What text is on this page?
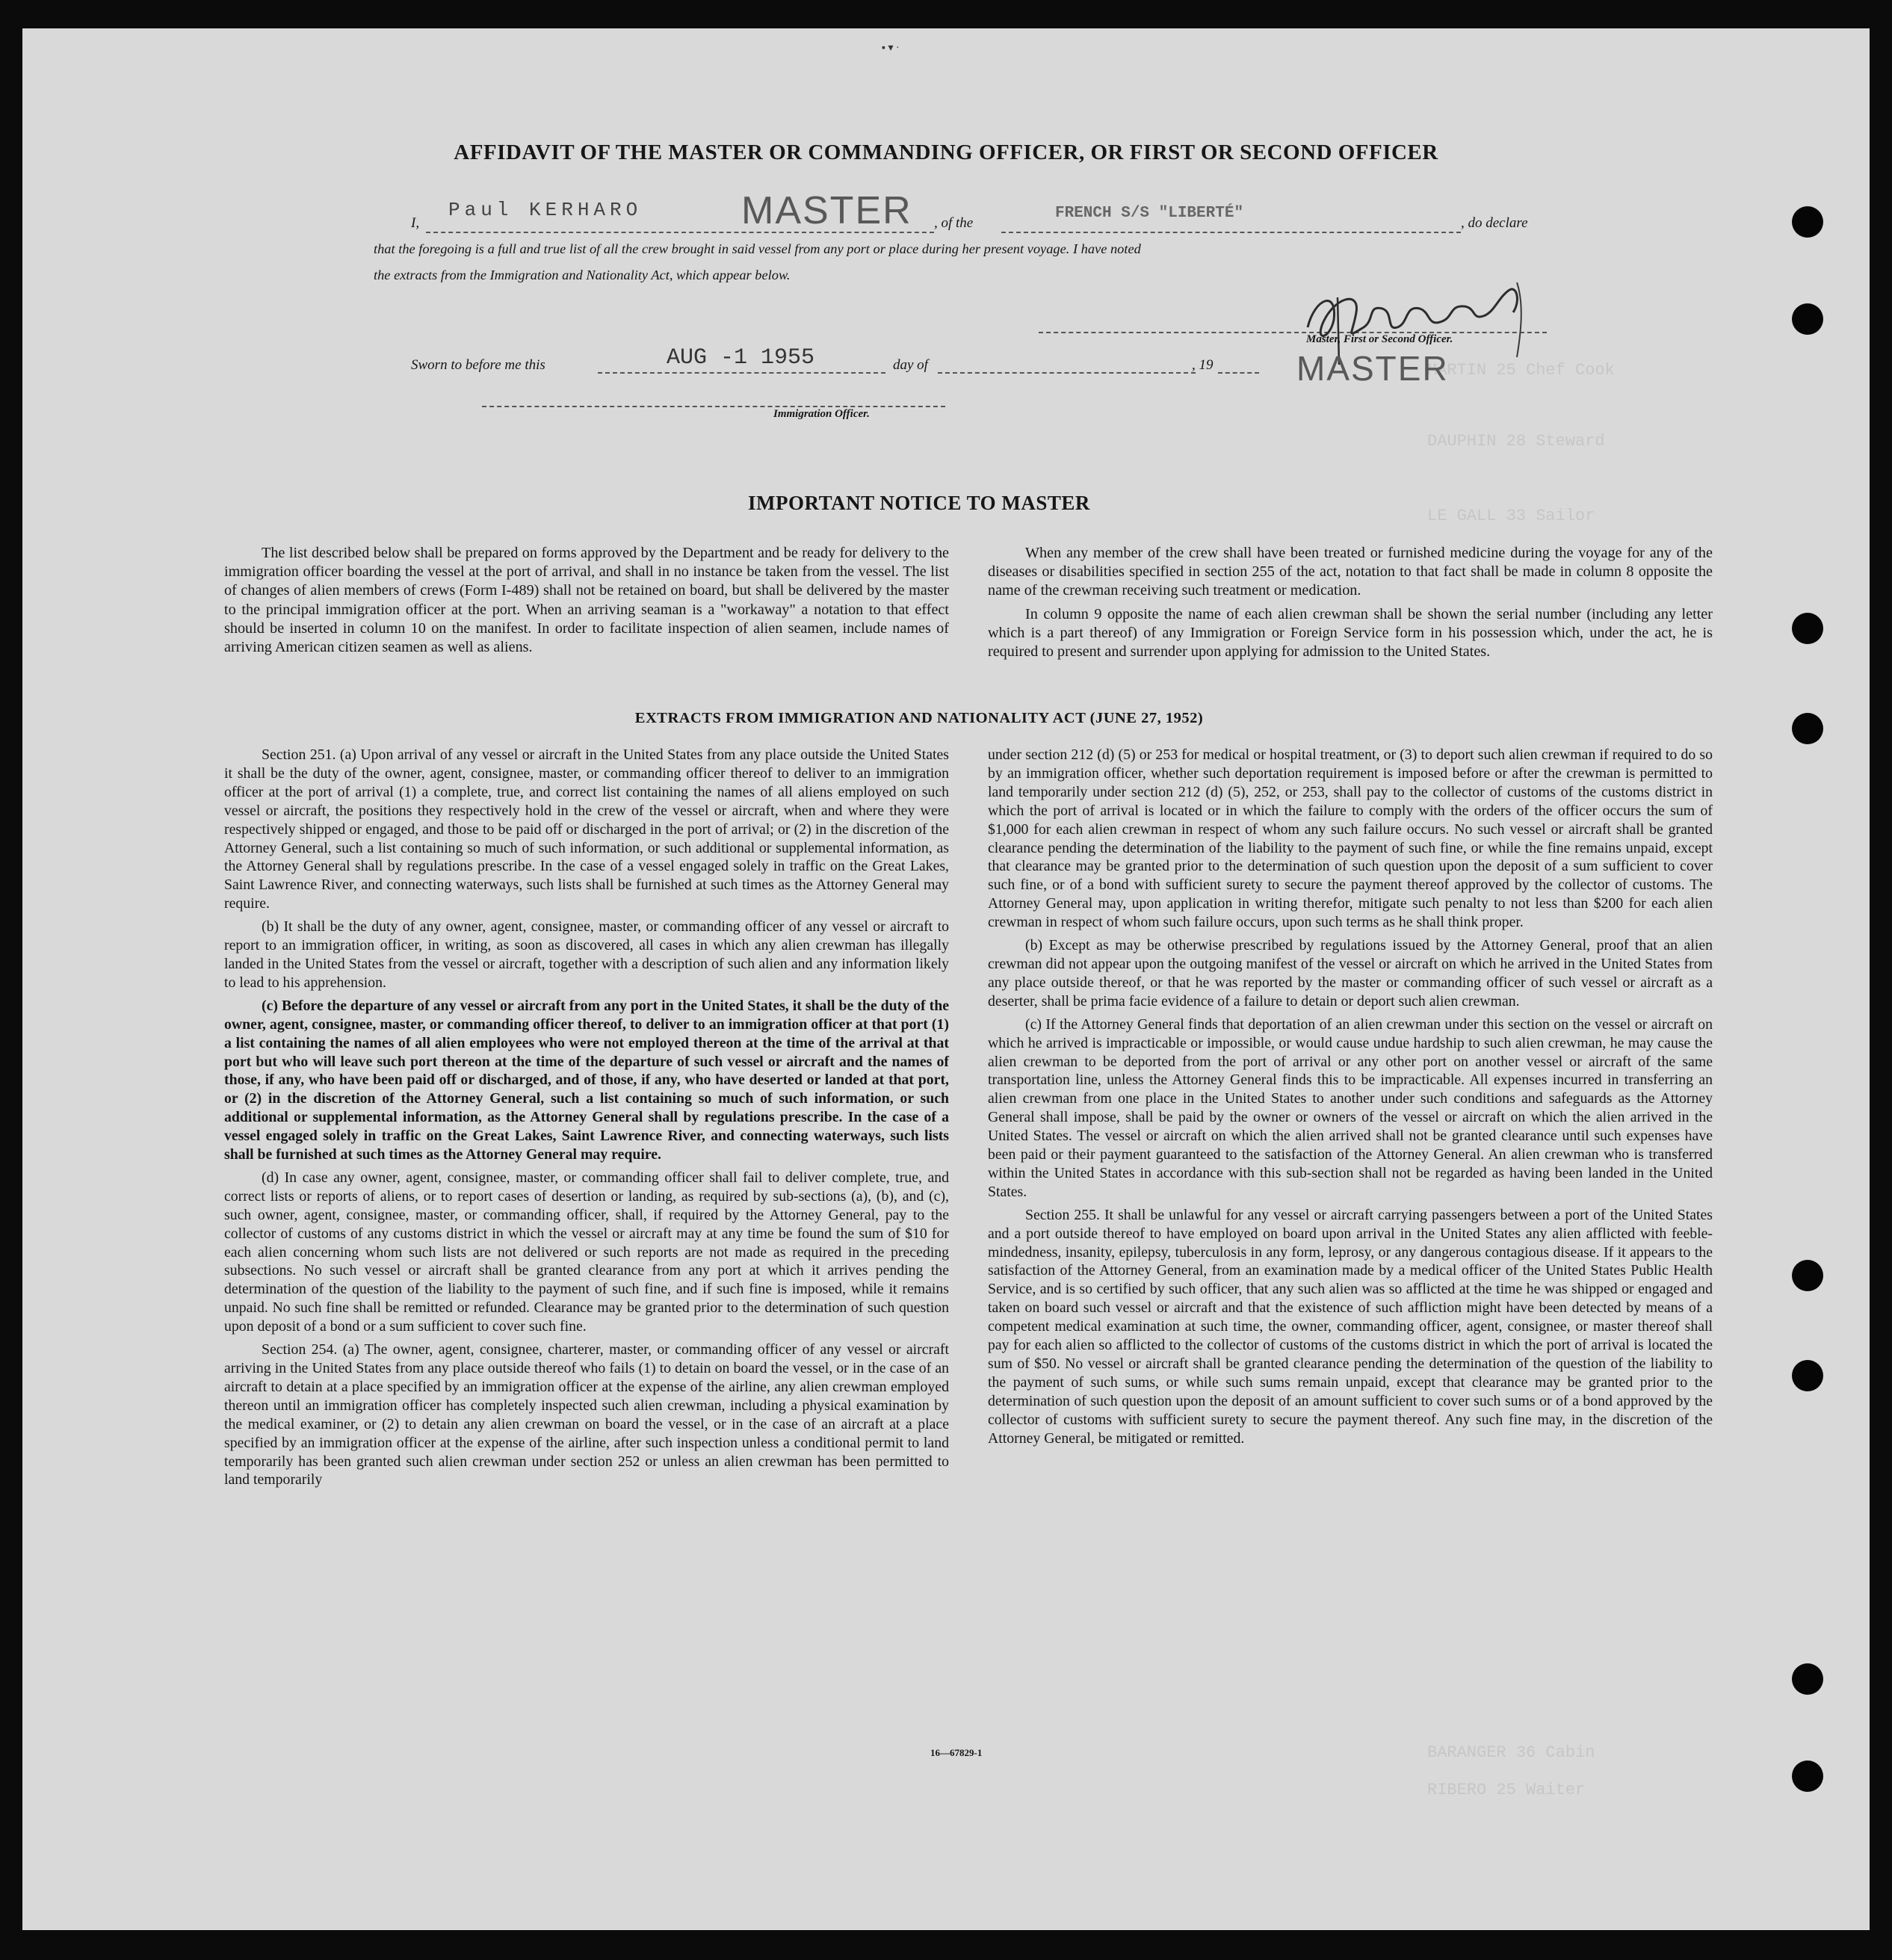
▪ ▾ ·
MARTIN 25 Chef Cook
DAUPHIN 28 Steward
LE GALL 33 Sailor
BARANGER 36 Cabin
RIBERO 25 Waiter
AFFIDAVIT OF THE MASTER OR COMMANDING OFFICER, OR FIRST OR SECOND OFFICER
I,
Paul KERHARO	MASTER , of the
FRENCH S/S "LIBERTÉ"
, do declare
that the foregoing is a full and true list of all the crew brought in said vessel from any port or place during her present voyage. I have noted
the extracts from the Immigration and Nationality Act, which appear below.
Master, First or Second Officer.
MASTER
Sworn to before me this	AUG -1 1955	day of	, 19
Immigration Officer.
IMPORTANT NOTICE TO MASTER

The list described below shall be prepared on forms approved by the Department and be ready for delivery to the immigration officer boarding the vessel at the port of arrival, and shall in no instance be taken from the vessel. The list of changes of alien members of crews (Form I-489) shall not be retained on board, but shall be delivered by the master to the principal immigration officer at the port. When an arriving seaman is a "workaway" a notation to that effect should be inserted in column 10 on the manifest. In order to facilitate inspection of alien seamen, include names of arriving American citizen seamen as well as aliens.

When any member of the crew shall have been treated or furnished medicine during the voyage for any of the diseases or disabilities specified in section 255 of the act, notation to that fact shall be made in column 8 opposite the name of the crewman receiving such treatment or medication.

In column 9 opposite the name of each alien crewman shall be shown the serial number (including any letter which is a part thereof) of any Immigration or Foreign Service form in his possession which, under the act, he is required to present and surrender upon applying for admission to the United States.

EXTRACTS FROM IMMIGRATION AND NATIONALITY ACT (JUNE 27, 1952)

Section 251. (a) Upon arrival of any vessel or aircraft in the United States from any place outside the United States it shall be the duty of the owner, agent, consignee, master, or commanding officer thereof to deliver to an immigration officer at the port of arrival (1) a complete, true, and correct list containing the names of all aliens employed on such vessel or aircraft, the positions they respectively hold in the crew of the vessel or aircraft, when and where they were respectively shipped or engaged, and those to be paid off or discharged in the port of arrival; or (2) in the discretion of the Attorney General, such a list containing so much of such information, or such additional or supplemental information, as the Attorney General shall by regulations prescribe. In the case of a vessel engaged solely in traffic on the Great Lakes, Saint Lawrence River, and connecting waterways, such lists shall be furnished at such times as the Attorney General may require.

(b) It shall be the duty of any owner, agent, consignee, master, or commanding officer of any vessel or aircraft to report to an immigration officer, in writing, as soon as discovered, all cases in which any alien crewman has illegally landed in the United States from the vessel or aircraft, together with a description of such alien and any information likely to lead to his apprehension.

(c) Before the departure of any vessel or aircraft from any port in the United States, it shall be the duty of the owner, agent, consignee, master, or commanding officer thereof, to deliver to an immigration officer at that port (1) a list containing the names of all alien employees who were not employed thereon at the time of the arrival at that port but who will leave such port thereon at the time of the departure of such vessel or aircraft and the names of those, if any, who have been paid off or discharged, and of those, if any, who have deserted or landed at that port, or (2) in the discretion of the Attorney General, such a list containing so much of such information, or such additional or supplemental information, as the Attorney General shall by regulations prescribe. In the case of a vessel engaged solely in traffic on the Great Lakes, Saint Lawrence River, and connecting waterways, such lists shall be furnished at such times as the Attorney General may require.

(d) In case any owner, agent, consignee, master, or commanding officer shall fail to deliver complete, true, and correct lists or reports of aliens, or to report cases of desertion or landing, as required by sub-sections (a), (b), and (c), such owner, agent, consignee, master, or commanding officer, shall, if required by the Attorney General, pay to the collector of customs of any customs district in which the vessel or aircraft may at any time be found the sum of $10 for each alien concerning whom such lists are not delivered or such reports are not made as required in the preceding subsections. No such vessel or aircraft shall be granted clearance from any port at which it arrives pending the determination of the question of the liability to the payment of such fine, and if such fine is imposed, while it remains unpaid. No such fine shall be remitted or refunded. Clearance may be granted prior to the determination of such question upon deposit of a bond or a sum sufficient to cover such fine.

Section 254. (a) The owner, agent, consignee, charterer, master, or commanding officer of any vessel or aircraft arriving in the United States from any place outside thereof who fails (1) to detain on board the vessel, or in the case of an aircraft to detain at a place specified by an immigration officer at the expense of the airline, any alien crewman employed thereon until an immigration officer has completely inspected such alien crewman, including a physical examination by the medical examiner, or (2) to detain any alien crewman on board the vessel, or in the case of an aircraft at a place specified by an immigration officer at the expense of the airline, after such inspection unless a conditional permit to land temporarily has been granted such alien crewman under section 252 or unless an alien crewman has been permitted to land temporarily

under section 212 (d) (5) or 253 for medical or hospital treatment, or (3) to deport such alien crewman if required to do so by an immigration officer, whether such deportation requirement is imposed before or after the crewman is permitted to land temporarily under section 212 (d) (5), 252, or 253, shall pay to the collector of customs of the customs district in which the port of arrival is located or in which the failure to comply with the orders of the officer occurs the sum of $1,000 for each alien crewman in respect of whom any such failure occurs. No such vessel or aircraft shall be granted clearance pending the determination of the liability to the payment of such fine, or while the fine remains unpaid, except that clearance may be granted prior to the determination of such question upon the deposit of a sum sufficient to cover such fine, or of a bond with sufficient surety to secure the payment thereof approved by the collector of customs. The Attorney General may, upon application in writing therefor, mitigate such penalty to not less than $200 for each alien crewman in respect of whom such failure occurs, upon such terms as he shall think proper.

(b) Except as may be otherwise prescribed by regulations issued by the Attorney General, proof that an alien crewman did not appear upon the outgoing manifest of the vessel or aircraft on which he arrived in the United States from any place outside thereof, or that he was reported by the master or commanding officer of such vessel or aircraft as a deserter, shall be prima facie evidence of a failure to detain or deport such alien crewman.

(c) If the Attorney General finds that deportation of an alien crewman under this section on the vessel or aircraft on which he arrived is impracticable or impossible, or would cause undue hardship to such alien crewman, he may cause the alien crewman to be deported from the port of arrival or any other port on another vessel or aircraft of the same transportation line, unless the Attorney General finds this to be impracticable. All expenses incurred in transferring an alien crewman from one place in the United States to another under such conditions and safeguards as the Attorney General shall impose, shall be paid by the owner or owners of the vessel or aircraft on which the alien arrived in the United States. The vessel or aircraft on which the alien arrived shall not be granted clearance until such expenses have been paid or their payment guaranteed to the satisfaction of the Attorney General. An alien crewman who is transferred within the United States in accordance with this sub-section shall not be regarded as having been landed in the United States.

Section 255. It shall be unlawful for any vessel or aircraft carrying passengers between a port of the United States and a port outside thereof to have employed on board upon arrival in the United States any alien afflicted with feeble-mindedness, insanity, epilepsy, tuberculosis in any form, leprosy, or any dangerous contagious disease. If it appears to the satisfaction of the Attorney General, from an examination made by a medical officer of the United States Public Health Service, and is so certified by such officer, that any such alien was so afflicted at the time he was shipped or engaged and taken on board such vessel or aircraft and that the existence of such affliction might have been detected by means of a competent medical examination at such time, the owner, commanding officer, agent, consignee, or master thereof shall pay for each alien so afflicted to the collector of customs of the customs district in which the port of arrival is located the sum of $50. No vessel or aircraft shall be granted clearance pending the determination of the question of the liability to the payment of such sums, or while such sums remain unpaid, except that clearance may be granted prior to the determination of such question upon the deposit of an amount sufficient to cover such sums or of a bond approved by the collector of customs with sufficient surety to secure the payment thereof. Any such fine may, in the discretion of the Attorney General, be mitigated or remitted.

16—67829-1
